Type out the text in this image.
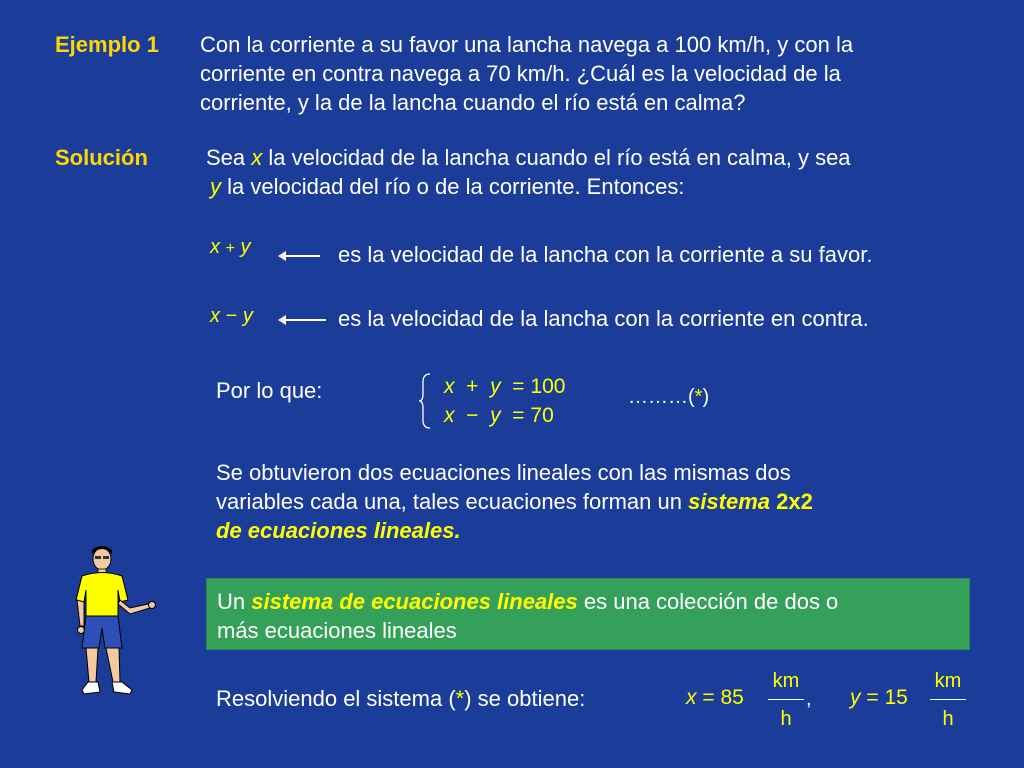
Ejemplo 1 Con la corriente a su favor una lancha navega a 100 km/h, y con la
corriente en contra navega a 70 km/h. ¿Cuál es la velocidad de la
corriente, y la de la lancha cuando el río está en calma?
Solución	Sea x la velocidad de la lancha cuando el río está en calma, y sea
y la velocidad del río o de la corriente. Entonces:
x + y	es la velocidad de la lancha con la corriente a su favor.
x − y	es la velocidad de la lancha con la corriente en contra.
Por lo que:	x + y = 100
x − y = 70
………(*)
Se obtuvieron dos ecuaciones lineales con las mismas dos
variables cada una, tales ecuaciones forman un sistema 2x2
de ecuaciones lineales.
Un sistema de ecuaciones lineales es una colección de dos o
más ecuaciones lineales
Resolviendo el sistema (*) se obtiene:	x = 85
km
h
, y = 15
km
h
